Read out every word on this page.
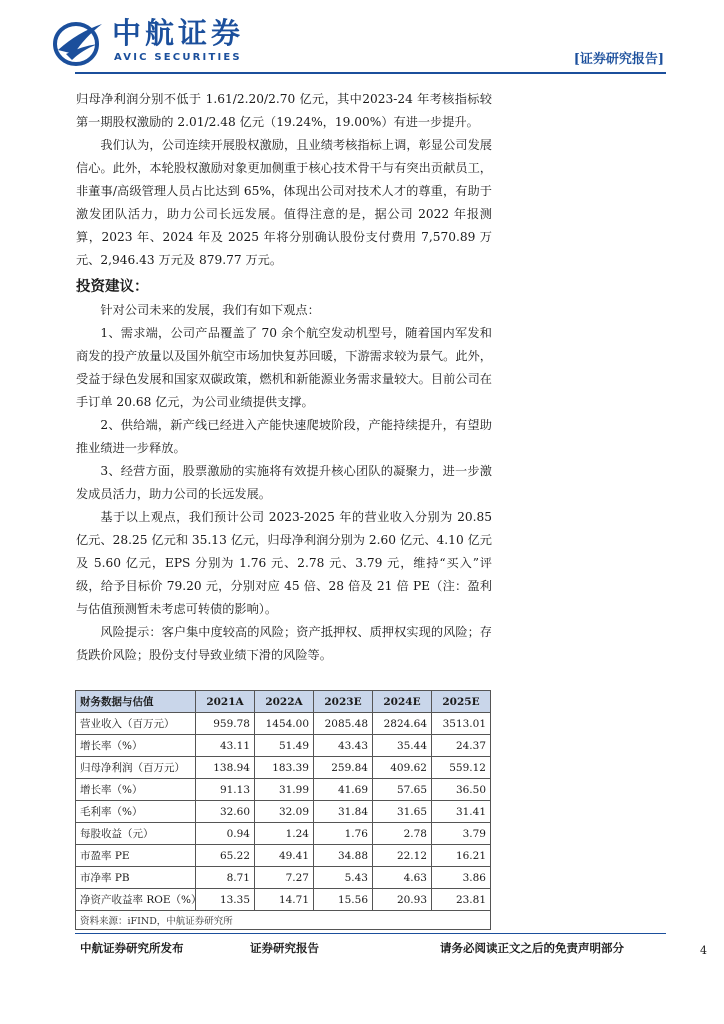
中航证券
AVIC SECURITIES	[证券研究报告]

归母净利润分别不低于 1.61/2.20/2.70 亿元，其中2023-24 年考核指标较第一期股权激励的 2.01/2.48 亿元（19.24%，19.00%）有进一步提升。

我们认为，公司连续开展股权激励，且业绩考核指标上调，彰显公司发展信心。此外，本轮股权激励对象更加侧重于核心技术骨干与有突出贡献员工，非董事/高级管理人员占比达到 65%，体现出公司对技术人才的尊重，有助于激发团队活力，助力公司长远发展。值得注意的是，据公司 2022 年报测算，2023 年、2024 年及 2025 年将分别确认股份支付费用 7,570.89 万元、2,946.43 万元及 879.77 万元。

投资建议：

针对公司未来的发展，我们有如下观点：

1、需求端，公司产品覆盖了 70 余个航空发动机型号，随着国内军发和商发的投产放量以及国外航空市场加快复苏回暖，下游需求较为景气。此外，受益于绿色发展和国家双碳政策，燃机和新能源业务需求量较大。目前公司在手订单 20.68 亿元，为公司业绩提供支撑。

2、供给端，新产线已经进入产能快速爬坡阶段，产能持续提升，有望助推业绩进一步释放。

3、经营方面，股票激励的实施将有效提升核心团队的凝聚力，进一步激发成员活力，助力公司的长远发展。

基于以上观点，我们预计公司 2023-2025 年的营业收入分别为 20.85 亿元、28.25 亿元和 35.13 亿元，归母净利润分别为 2.60 亿元、4.10 亿元及 5.60 亿元，EPS 分别为 1.76 元、2.78 元、3.79 元，维持“买入”评级，给予目标价 79.20 元，分别对应 45 倍、28 倍及 21 倍 PE（注：盈利与估值预测暂未考虑可转债的影响）。

风险提示：客户集中度较高的风险；资产抵押权、质押权实现的风险；存货跌价风险；股份支付导致业绩下滑的风险等。

财务数据与估值	2021A	2022A	2023E	2024E	2025E
营业收入（百万元）	959.78	1454.00	2085.48	2824.64	3513.01
增长率（%）	43.11	51.49	43.43	35.44	24.37
归母净利润（百万元）	138.94	183.39	259.84	409.62	559.12
增长率（%）	91.13	31.99	41.69	57.65	36.50
毛利率（%）	32.60	32.09	31.84	31.65	31.41
每股收益（元）	0.94	1.24	1.76	2.78	3.79
市盈率 PE	65.22	49.41	34.88	22.12	16.21
市净率 PB	8.71	7.27	5.43	4.63	3.86
净资产收益率 ROE（%）	13.35	14.71	15.56	20.93	23.81
资料来源：iFIND，中航证券研究所					
中航证券研究所发布	证券研究报告	请务必阅读正文之后的免责声明部分	4
